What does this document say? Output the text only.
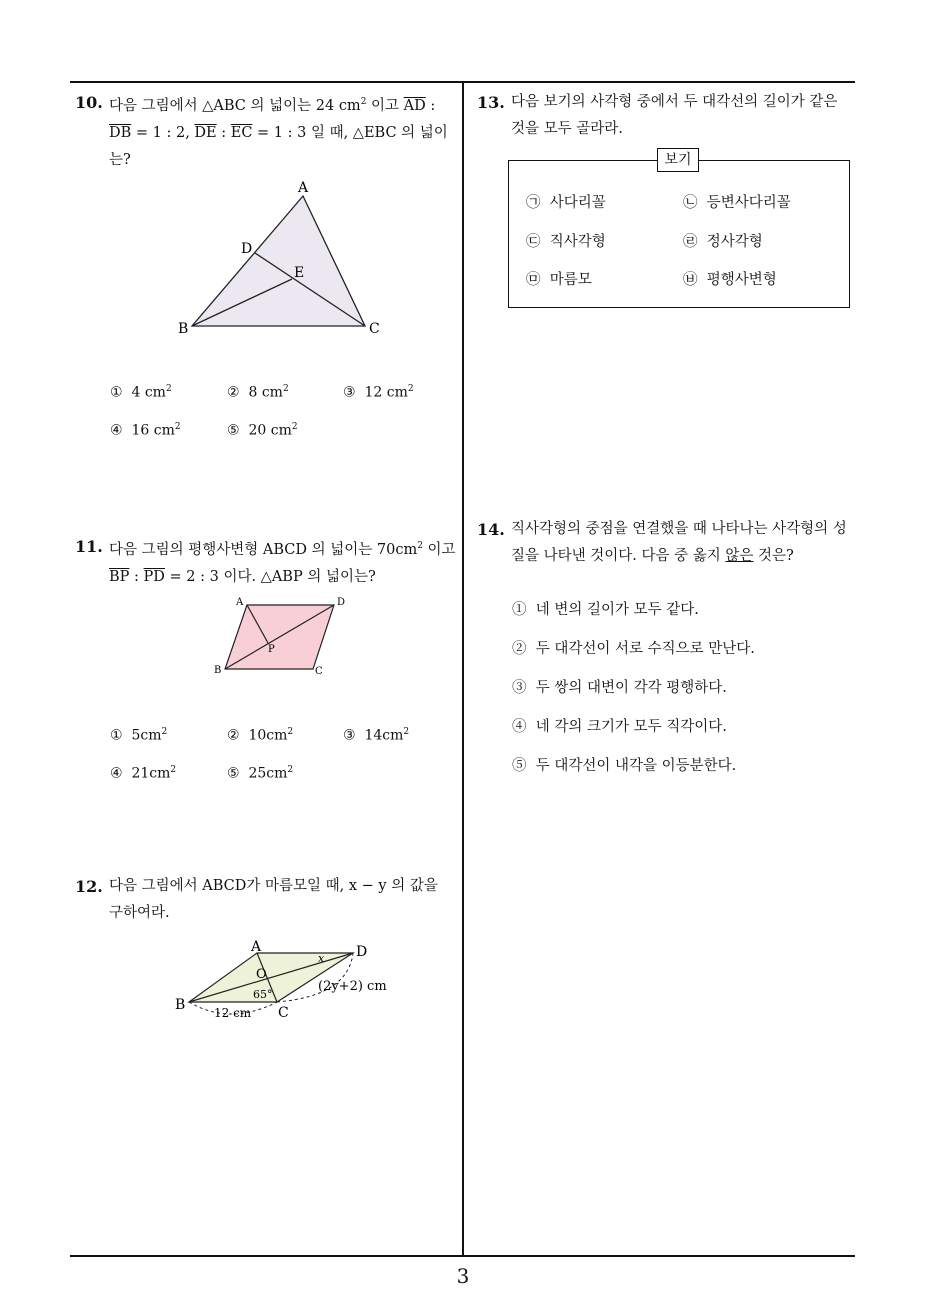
3
10. 다음 그림에서 △ABC 의 넓이는 24 $cm^2$ 이고 $\overline{AD}$ :
$\overline{DB} = 1$ : 2, $\overline{DE}$ : $\overline{EC} = 1$ : 3 일 때, △EBC 의 넓이
는?
A
B	C
D
E
① 4 $cm^2$	② 8 $cm^2$	③ 12 $cm^2$
④ 16 $cm^2$	⑤ 20 $cm^2$
11. 다음 그림의 평행사변형 ABCD 의 넓이는 $70cm^2$ 이고
$\overline{BP}$ : $\overline{PD} = 2$ : 3 이다. △ABP 의 넓이는?
A	D
B	C
P
① $5cm^2$	② $10cm^2$	③ $14cm^2$
④ $21cm^2$	⑤ $25cm^2$
12. 다음 그림에서 ABCD가 마름모일 때, x − y 의 값을
구하여라.
A	D
B	C
O
x
65°
(2y+2) cm
12 cm
13. 다음 보기의 사각형 중에서 두 대각선의 길이가 같은
것을 모두 골라라.
보기
㉠ 사다리꼴	㉡ 등변사다리꼴
㉢ 직사각형	㉣ 정사각형
㉤ 마름모	㉥ 평행사변형
14. 직사각형의 중점을 연결했을 때 나타나는 사각형의 성
질을 나타낸 것이다. 다음 중 옳지 않은 것은?
① 네 변의 길이가 모두 같다.
② 두 대각선이 서로 수직으로 만난다.
③ 두 쌍의 대변이 각각 평행하다.
④ 네 각의 크기가 모두 직각이다.
⑤ 두 대각선이 내각을 이등분한다.
